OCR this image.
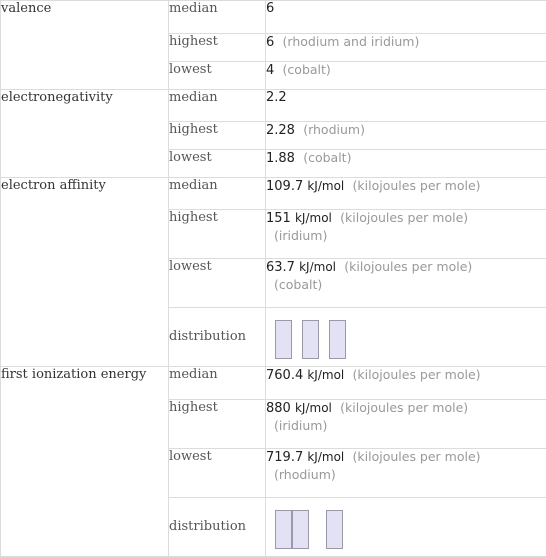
valence	median	6
	highest	6 (rhodium and iridium)
	lowest	4 (cobalt)
electronegativity	median	2.2
	highest	2.28 (rhodium)
	lowest	1.88 (cobalt)
electron affinity	median	109.7 kJ/mol (kilojoules per mole)
	highest	151 kJ/mol (kilojoules per mole)
(iridium)

	lowest	63.7 kJ/mol (kilojoules per mole)
(cobalt)

	distribution	

first ionization energy	median	760.4 kJ/mol (kilojoules per mole)
	highest	880 kJ/mol (kilojoules per mole)
(iridium)

	lowest	719.7 kJ/mol (kilojoules per mole)
(rhodium)

	distribution	
